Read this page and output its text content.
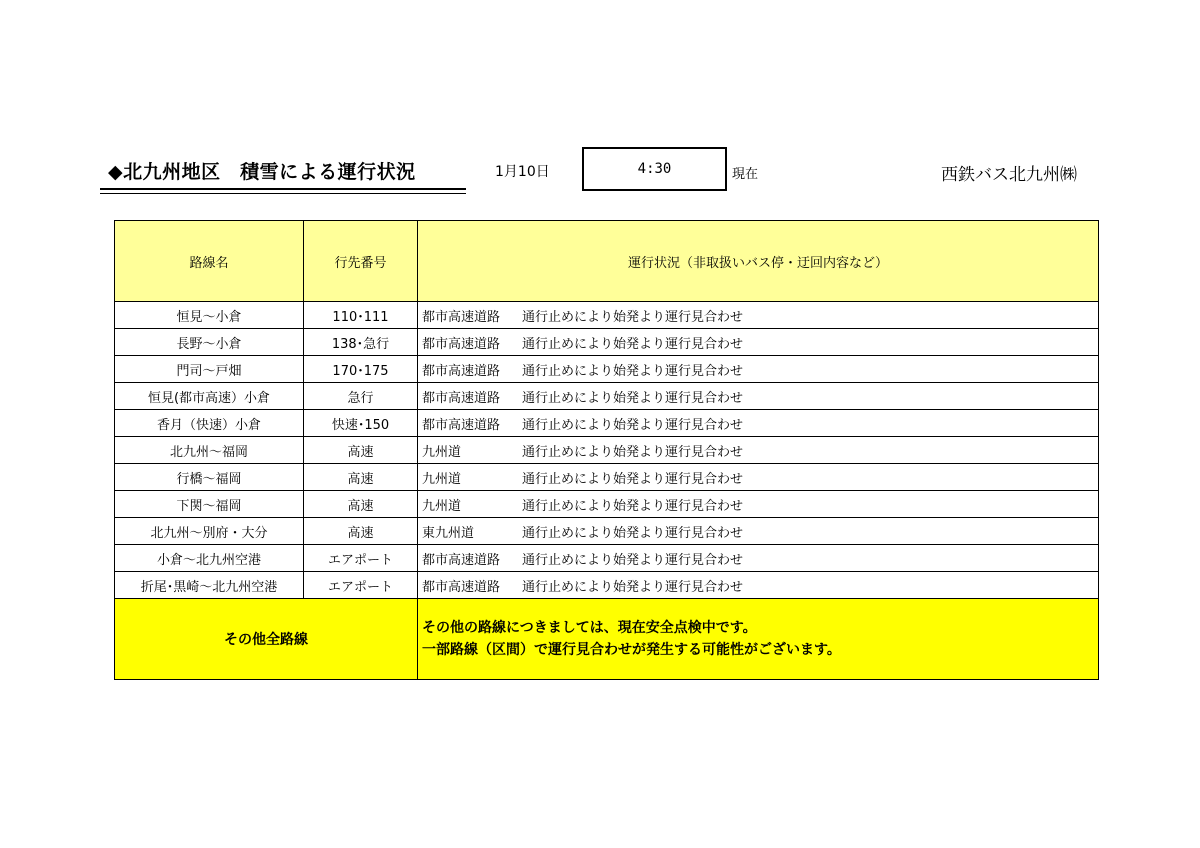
◆北九州地区　積雪による運行状況	1月10日	4:30	現在	西鉄バス北九州㈱
路線名	行先番号	運行状況（非取扱いバス停・迂回内容など）
恒見～小倉	110･111	都市高速道路 通行止めにより始発より運行見合わせ
長野～小倉	138･急行	都市高速道路 通行止めにより始発より運行見合わせ
門司～戸畑	170･175	都市高速道路 通行止めにより始発より運行見合わせ
恒見(都市高速）小倉	急行	都市高速道路 通行止めにより始発より運行見合わせ
香月（快速）小倉	快速･150	都市高速道路 通行止めにより始発より運行見合わせ
北九州～福岡	高速	九州道 通行止めにより始発より運行見合わせ
行橋～福岡	高速	九州道 通行止めにより始発より運行見合わせ
下関～福岡	高速	九州道 通行止めにより始発より運行見合わせ
北九州～別府・大分	高速	東九州道 通行止めにより始発より運行見合わせ
小倉～北九州空港	エアポート	都市高速道路 通行止めにより始発より運行見合わせ
折尾･黒崎～北九州空港	エアポート	都市高速道路 通行止めにより始発より運行見合わせ
その他全路線		その他の路線につきましては、現在安全点検中です。
一部路線（区間）で運行見合わせが発生する可能性がございます。
